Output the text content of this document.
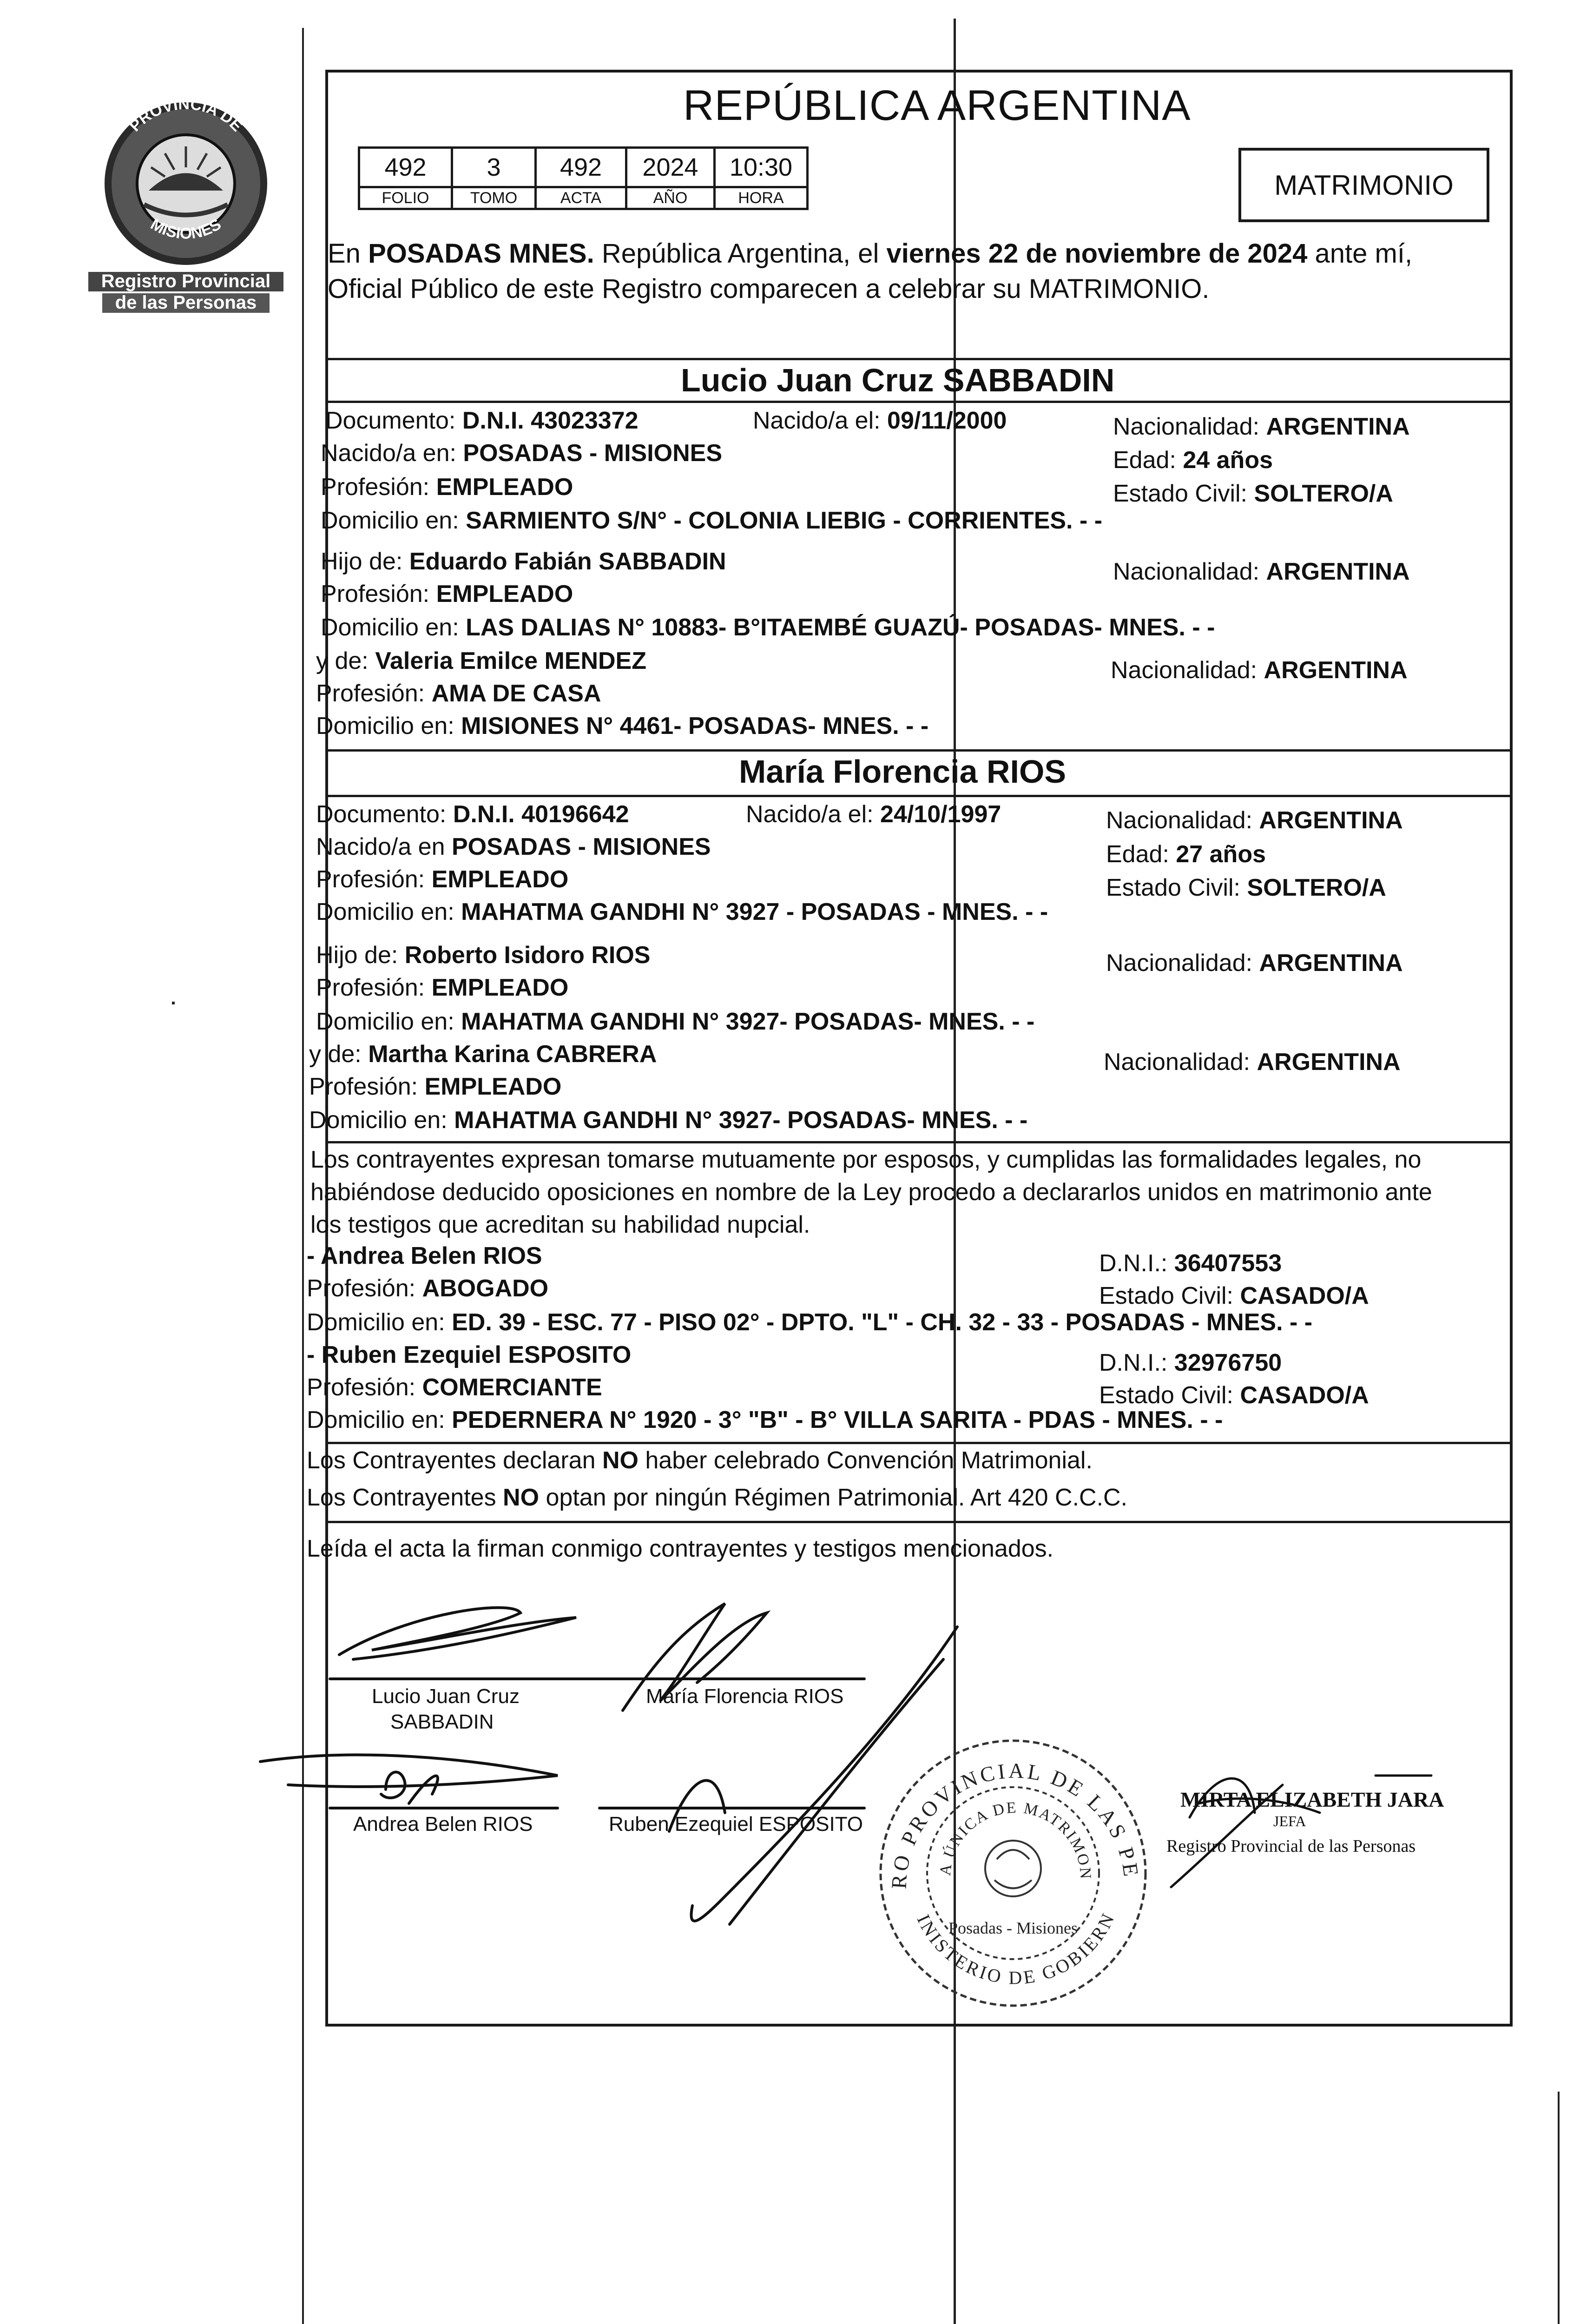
PROVINCIA DE
MISIONES
Registro Provincial
de las Personas
REPÚBLICA ARGENTINA
492	3	492	2024	10:30
FOLIO	TOMO	ACTA	AÑO	HORA	MATRIMONIO
En POSADAS MNES. República Argentina, el viernes 22 de noviembre de 2024 ante mí,
Oficial Público de este Registro comparecen a celebrar su MATRIMONIO.
Lucio Juan Cruz SABBADIN
Documento: D.N.I. 43023372	Nacido/a el: 09/11/2000	Nacionalidad: ARGENTINA
Nacido/a en: POSADAS - MISIONES	Edad: 24 años
Profesión: EMPLEADO	Estado Civil: SOLTERO/A
Domicilio en: SARMIENTO S/N° - COLONIA LIEBIG - CORRIENTES. - -
Hijo de: Eduardo Fabián SABBADIN	Nacionalidad: ARGENTINA
Profesión: EMPLEADO
Domicilio en: LAS DALIAS N° 10883- B°ITAEMBÉ GUAZÚ- POSADAS- MNES. - -
y de: Valeria Emilce MENDEZ	Nacionalidad: ARGENTINA
Profesión: AMA DE CASA
Domicilio en: MISIONES N° 4461- POSADAS- MNES. - -
María Florencia RIOS
Documento: D.N.I. 40196642	Nacido/a el: 24/10/1997	Nacionalidad: ARGENTINA
Nacido/a en POSADAS - MISIONES	Edad: 27 años
Profesión: EMPLEADO	Estado Civil: SOLTERO/A
Domicilio en: MAHATMA GANDHI N° 3927 - POSADAS - MNES. - -
Hijo de: Roberto Isidoro RIOS	Nacionalidad: ARGENTINA
Profesión: EMPLEADO
Domicilio en: MAHATMA GANDHI N° 3927- POSADAS- MNES. - -
y de: Martha Karina CABRERA	Nacionalidad: ARGENTINA
Profesión: EMPLEADO
Domicilio en: MAHATMA GANDHI N° 3927- POSADAS- MNES. - -
Los contrayentes expresan tomarse mutuamente por esposos, y cumplidas las formalidades legales, no
habiéndose deducido oposiciones en nombre de la Ley procedo a declararlos unidos en matrimonio ante
los testigos que acreditan su habilidad nupcial.
- Andrea Belen RIOS	D.N.I.: 36407553
Profesión: ABOGADO	Estado Civil: CASADO/A
Domicilio en: ED. 39 - ESC. 77 - PISO 02° - DPTO. "L" - CH. 32 - 33 - POSADAS - MNES. - -
- Ruben Ezequiel ESPOSITO	D.N.I.: 32976750
Profesión: COMERCIANTE	Estado Civil: CASADO/A
Domicilio en: PEDERNERA N° 1920 - 3° "B" - B° VILLA SARITA - PDAS - MNES. - -
Los Contrayentes declaran NO haber celebrado Convención Matrimonial.
Los Contrayentes NO optan por ningún Régimen Patrimonial. Art 420 C.C.C.
Leída el acta la firman conmigo contrayentes y testigos mencionados.
Lucio Juan Cruz
SABBADIN
María Florencia RIOS
Andrea Belen RIOS	Ruben Ezequiel ESPOSITO
RO PROVINCIAL DE LAS PE
A ÚNICA DE MATRIMON
INISTERIO DE GOBIERN
Posadas - Misiones
MIRTA ELIZABETH JARA
JEFA
Registro Provincial de las Personas
